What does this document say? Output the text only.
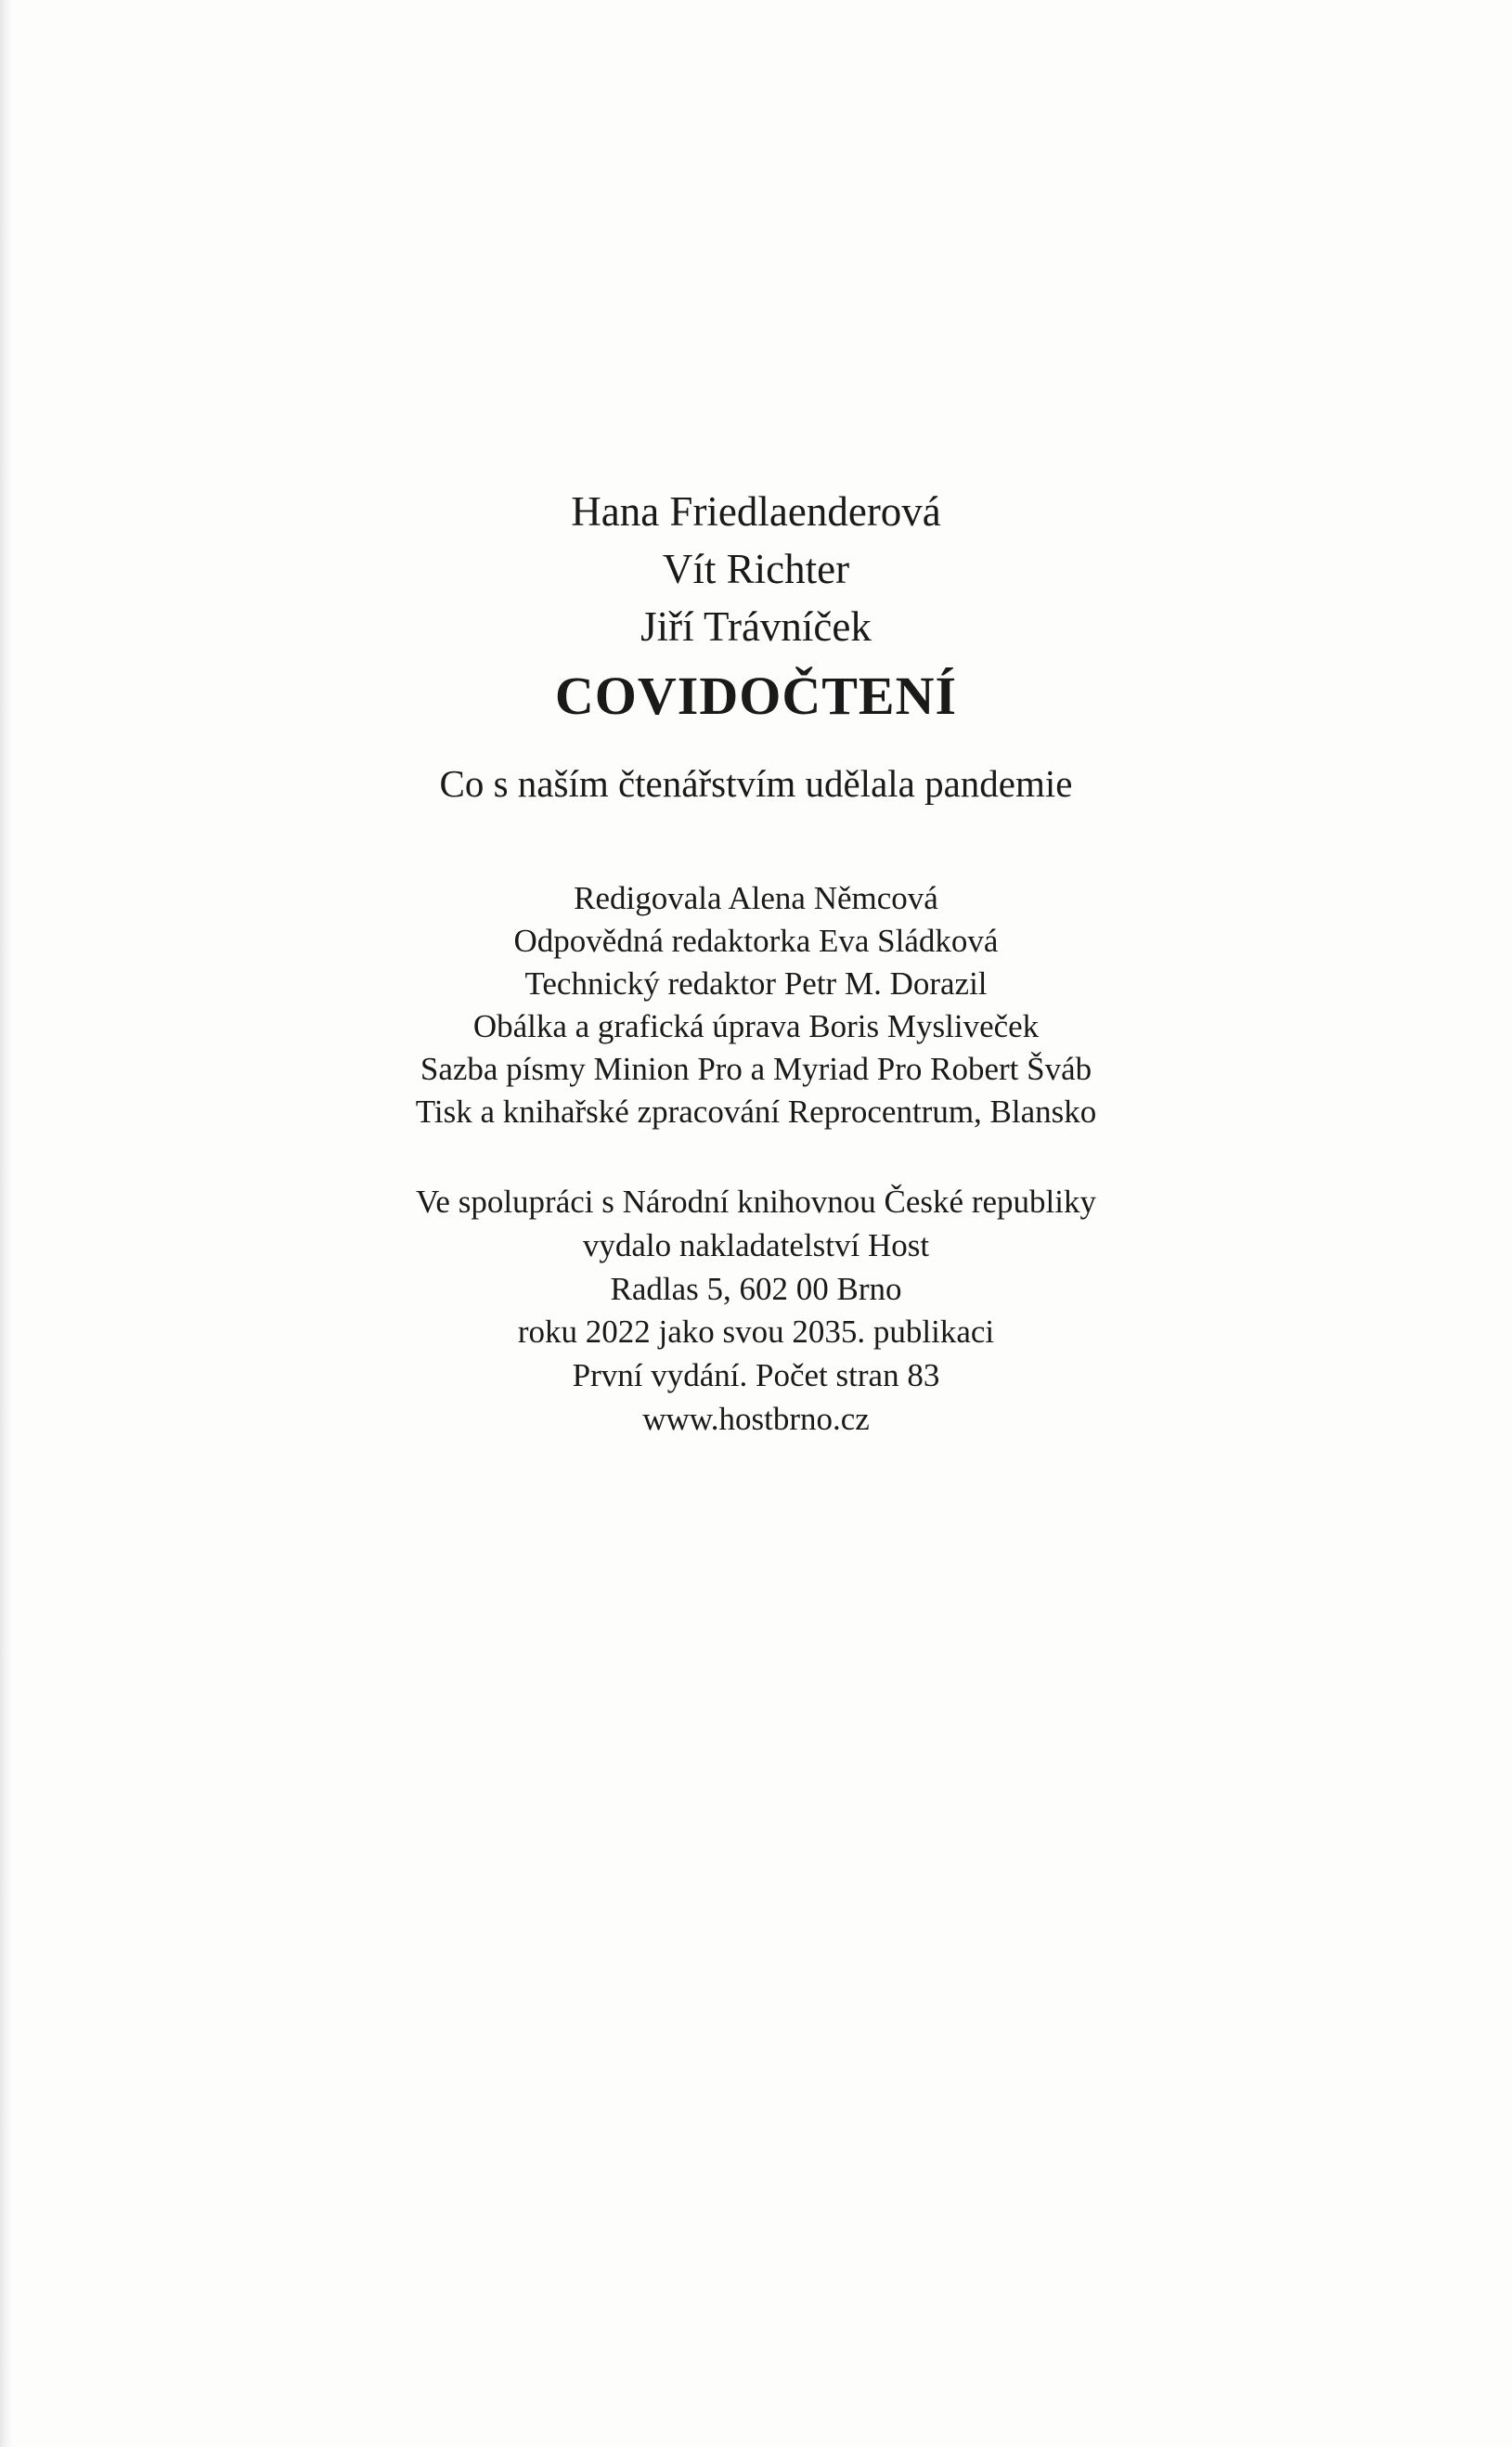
Hana Friedlaenderová
Vít Richter
Jiří Trávníček
COVIDOČTENÍ
Co s naším čtenářstvím udělala pandemie
Redigovala Alena Němcová
Odpovědná redaktorka Eva Sládková
Technický redaktor Petr M. Dorazil
Obálka a grafická úprava Boris Mysliveček
Sazba písmy Minion Pro a Myriad Pro Robert Šváb
Tisk a knihařské zpracování Reprocentrum, Blansko
Ve spolupráci s Národní knihovnou České republiky
vydalo nakladatelství Host
Radlas 5, 602 00 Brno
roku 2022 jako svou 2035. publikaci
První vydání. Počet stran 83
www.hostbrno.cz
